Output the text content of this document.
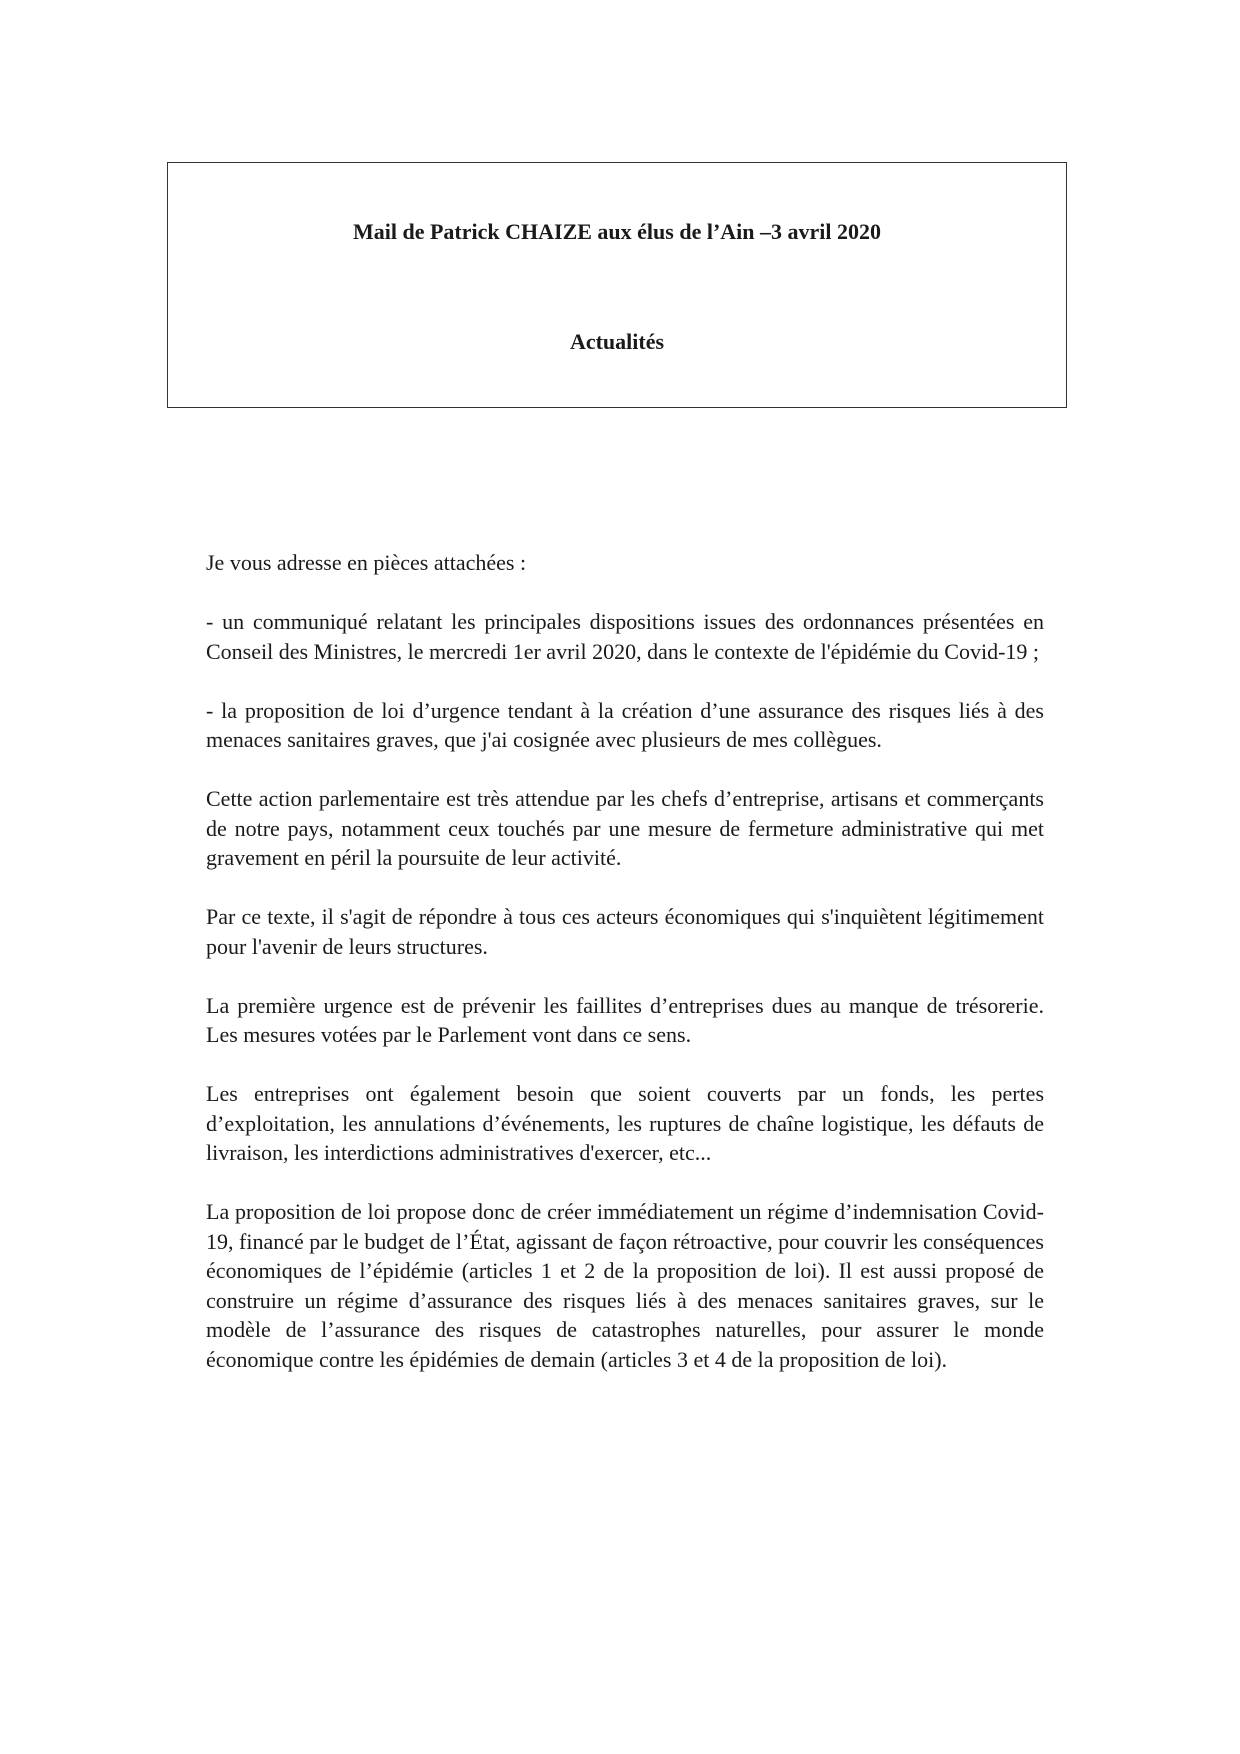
Mail de Patrick CHAIZE aux élus de l’Ain –3 avril 2020
Actualités

Je vous adresse en pièces attachées :

- un communiqué relatant les principales dispositions issues des ordonnances présentées en Conseil des Ministres, le mercredi 1er avril 2020, dans le contexte de l'épidémie du Covid-19 ;

- la proposition de loi d’urgence tendant à la création d’une assurance des risques liés à des menaces sanitaires graves, que j'ai cosignée avec plusieurs de mes collègues.

Cette action parlementaire est très attendue par les chefs d’entreprise, artisans et commerçants de notre pays, notamment ceux touchés par une mesure de fermeture administrative qui met gravement en péril la poursuite de leur activité.

Par ce texte, il s'agit de répondre à tous ces acteurs économiques qui s'inquiètent légitimement pour l'avenir de leurs structures.

La première urgence est de prévenir les faillites d’entreprises dues au manque de trésorerie. Les mesures votées par le Parlement vont dans ce sens.

Les entreprises ont également besoin que soient couverts par un fonds, les pertes d’exploitation, les annulations d’événements, les ruptures de chaîne logistique, les défauts de livraison, les interdictions administratives d'exercer, etc...

La proposition de loi propose donc de créer immédiatement un régime d’indemnisation Covid-19, financé par le budget de l’État, agissant de façon rétroactive, pour couvrir les conséquences économiques de l’épidémie (articles 1 et 2 de la proposition de loi). Il est aussi proposé de construire un régime d’assurance des risques liés à des menaces sanitaires graves, sur le modèle de l’assurance des risques de catastrophes naturelles, pour assurer le monde économique contre les épidémies de demain (articles 3 et 4 de la proposition de loi).
